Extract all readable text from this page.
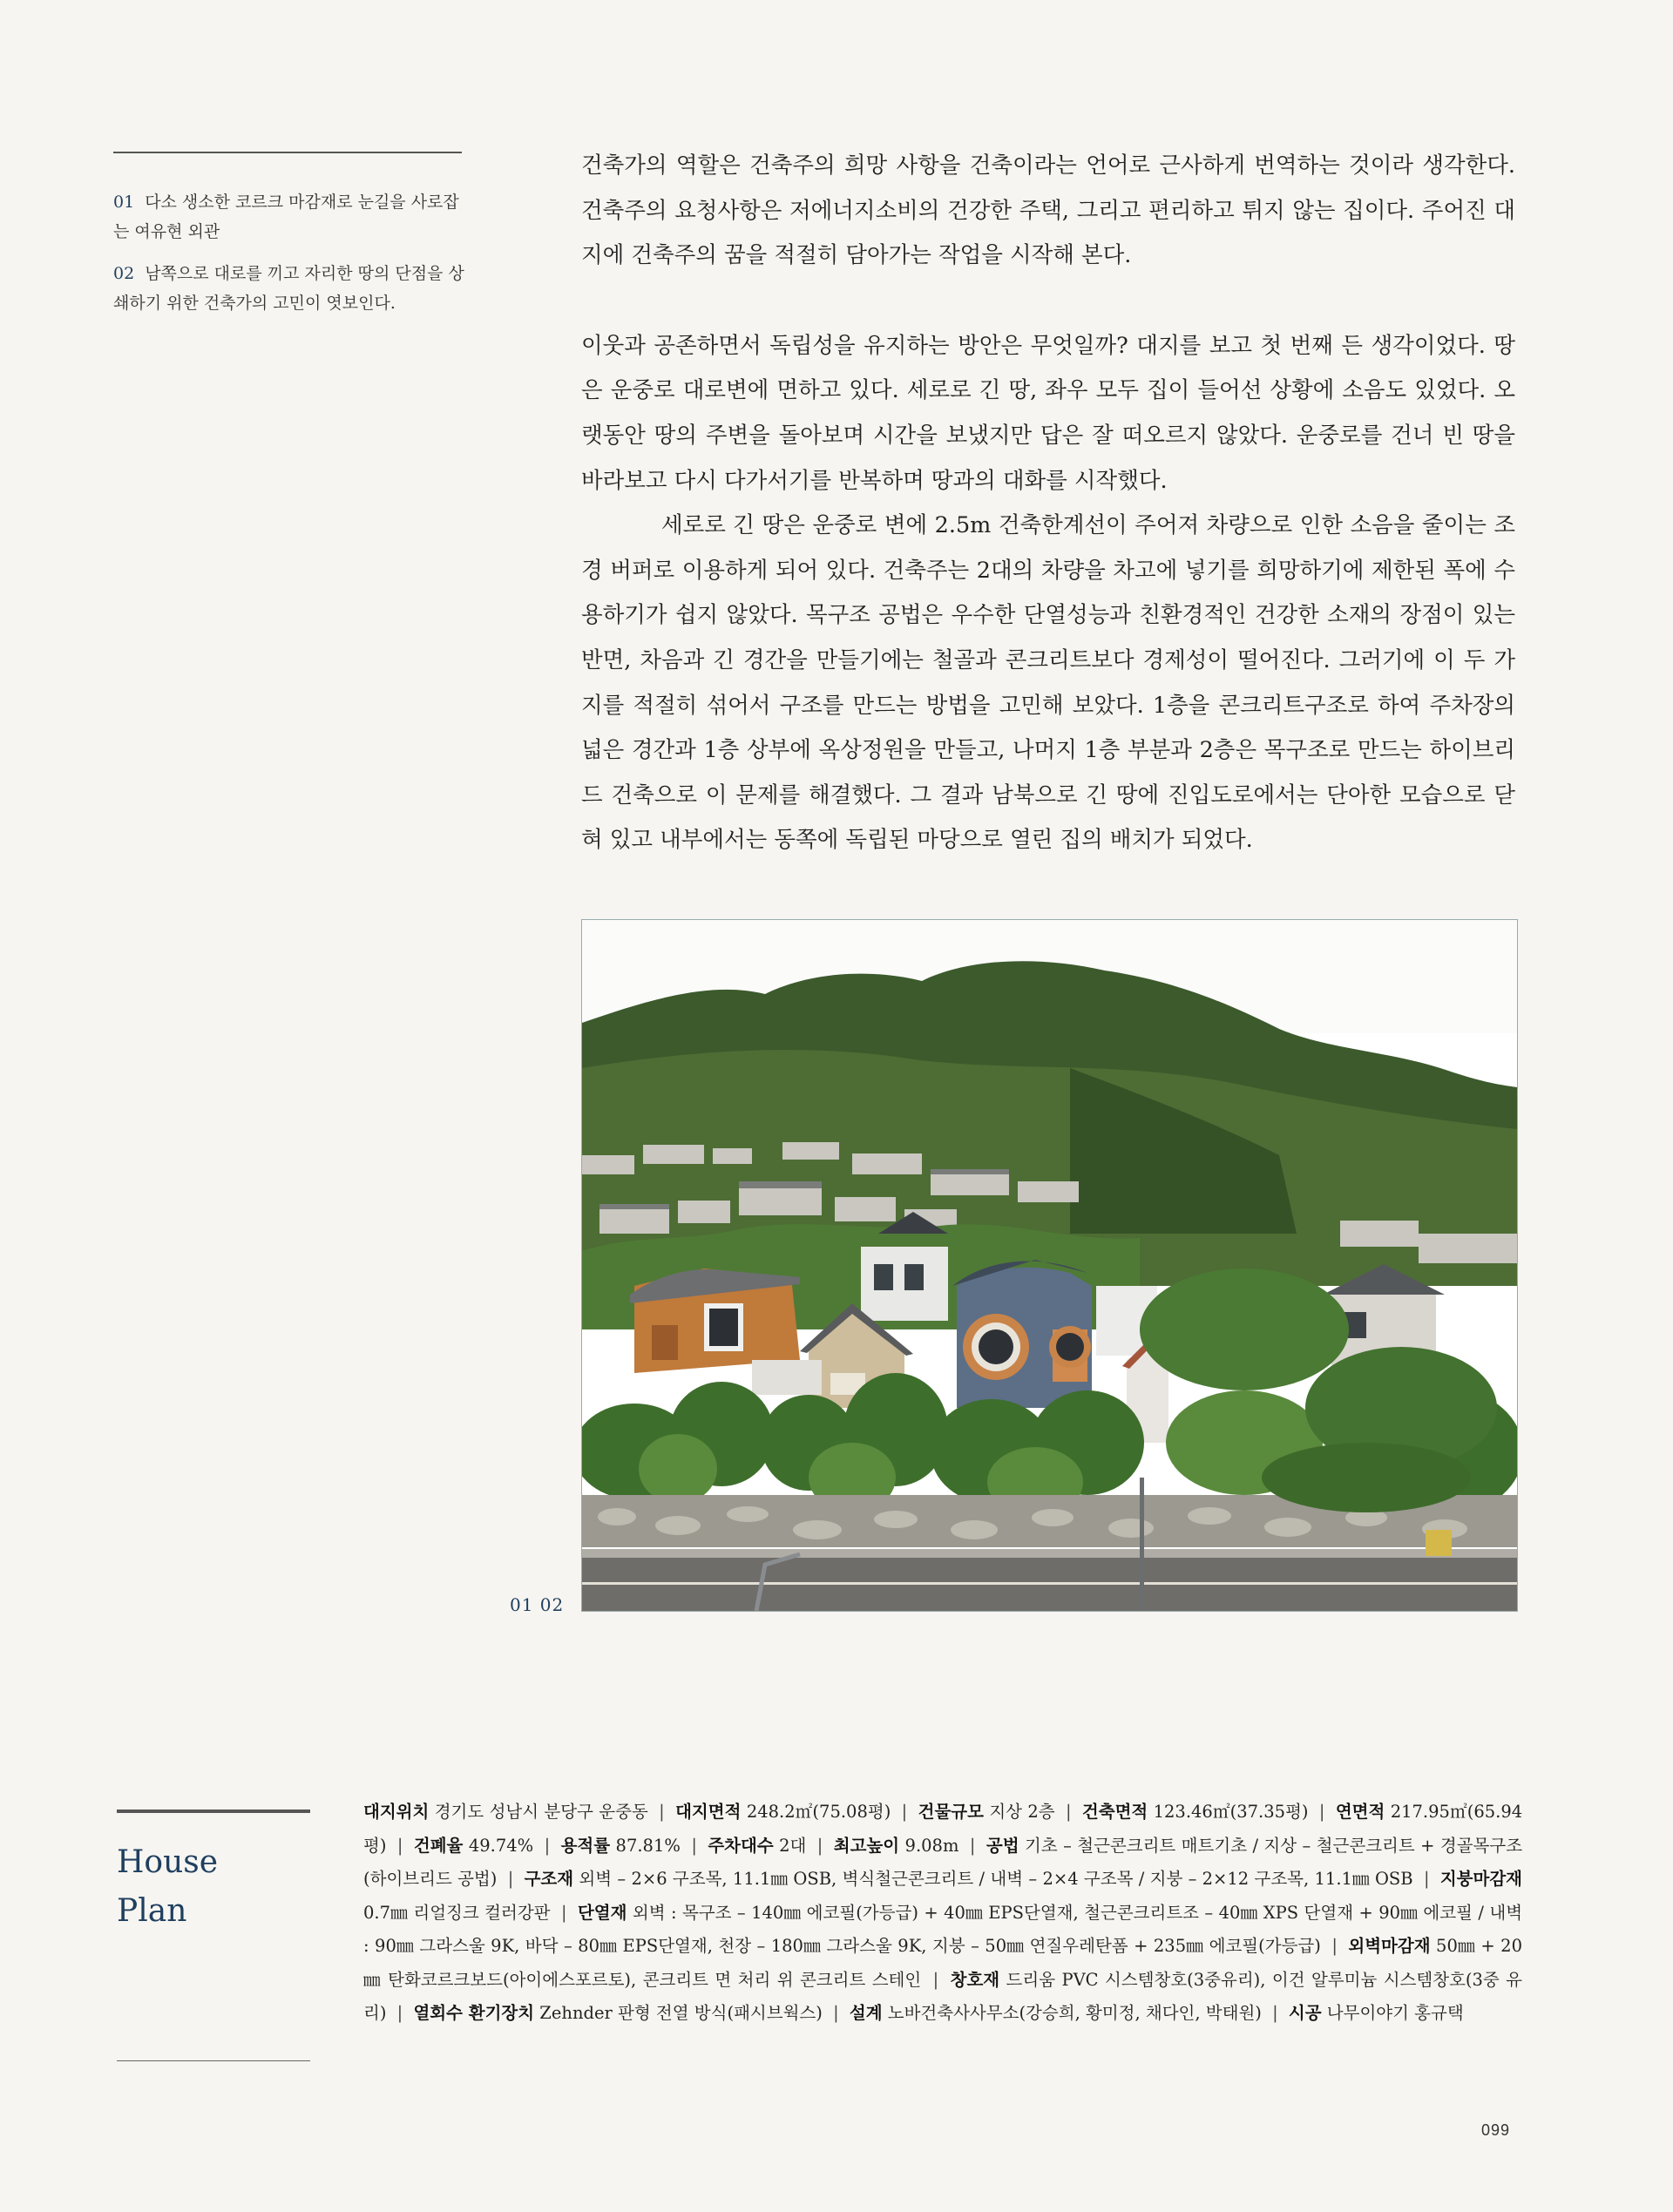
01 다소 생소한 코르크 마감재로 눈길을 사로잡는 여유현 외관

02 남쪽으로 대로를 끼고 자리한 땅의 단점을 상쇄하기 위한 건축가의 고민이 엿보인다.

건축가의 역할은 건축주의 희망 사항을 건축이라는 언어로 근사하게 번역하는 것이라 생각한다. 건축주의 요청사항은 저에너지소비의 건강한 주택, 그리고 편리하고 튀지 않는 집이다. 주어진 대지에 건축주의 꿈을 적절히 담아가는 작업을 시작해 본다.

이웃과 공존하면서 독립성을 유지하는 방안은 무엇일까? 대지를 보고 첫 번째 든 생각이었다. 땅은 운중로 대로변에 면하고 있다. 세로로 긴 땅, 좌우 모두 집이 들어선 상황에 소음도 있었다. 오랫동안 땅의 주변을 돌아보며 시간을 보냈지만 답은 잘 떠오르지 않았다. 운중로를 건너 빈 땅을 바라보고 다시 다가서기를 반복하며 땅과의 대화를 시작했다.

세로로 긴 땅은 운중로 변에 2.5m 건축한계선이 주어져 차량으로 인한 소음을 줄이는 조경 버퍼로 이용하게 되어 있다. 건축주는 2대의 차량을 차고에 넣기를 희망하기에 제한된 폭에 수용하기가 쉽지 않았다. 목구조 공법은 우수한 단열성능과 친환경적인 건강한 소재의 장점이 있는 반면, 차음과 긴 경간을 만들기에는 철골과 콘크리트보다 경제성이 떨어진다. 그러기에 이 두 가지를 적절히 섞어서 구조를 만드는 방법을 고민해 보았다. 1층을 콘크리트구조로 하여 주차장의 넓은 경간과 1층 상부에 옥상정원을 만들고, 나머지 1층 부분과 2층은 목구조로 만드는 하이브리드 건축으로 이 문제를 해결했다. 그 결과 남북으로 긴 땅에 진입도로에서는 단아한 모습으로 닫혀 있고 내부에서는 동쪽에 독립된 마당으로 열린 집의 배치가 되었다.

01 02
House
Plan
대지위치 경기도 성남시 분당구 운중동 | 대지면적 248.2㎡(75.08평) | 건물규모 지상 2층 | 건축면적 123.46㎡(37.35평) | 연면적 217.95㎡(65.94평) | 건폐율 49.74% | 용적률 87.81% | 주차대수 2대 | 최고높이 9.08m | 공법 기초 – 철근콘크리트 매트기초 / 지상 – 철근콘크리트 + 경골목구조(하이브리드 공법) | 구조재 외벽 – 2×6 구조목, 11.1㎜ OSB, 벽식철근콘크리트 / 내벽 – 2×4 구조목 / 지붕 – 2×12 구조목, 11.1㎜ OSB | 지붕마감재 0.7㎜ 리얼징크 컬러강판 | 단열재 외벽 : 목구조 – 140㎜ 에코필(가등급) + 40㎜ EPS단열재, 철근콘크리트조 – 40㎜ XPS 단열재 + 90㎜ 에코필 / 내벽 : 90㎜ 그라스울 9K, 바닥 – 80㎜ EPS단열재, 천장 – 180㎜ 그라스울 9K, 지붕 – 50㎜ 연질우레탄폼 + 235㎜ 에코필(가등급) | 외벽마감재 50㎜ + 20㎜ 탄화코르크보드(아이에스포르토), 콘크리트 면 처리 위 콘크리트 스테인 | 창호재 드리움 PVC 시스템창호(3중유리), 이건 알루미늄 시스템창호(3중 유리) | 열회수 환기장치 Zehnder 판형 전열 방식(패시브웍스) | 설계 노바건축사사무소(강승희, 황미정, 채다인, 박태원) | 시공 나무이야기 홍규택
099
